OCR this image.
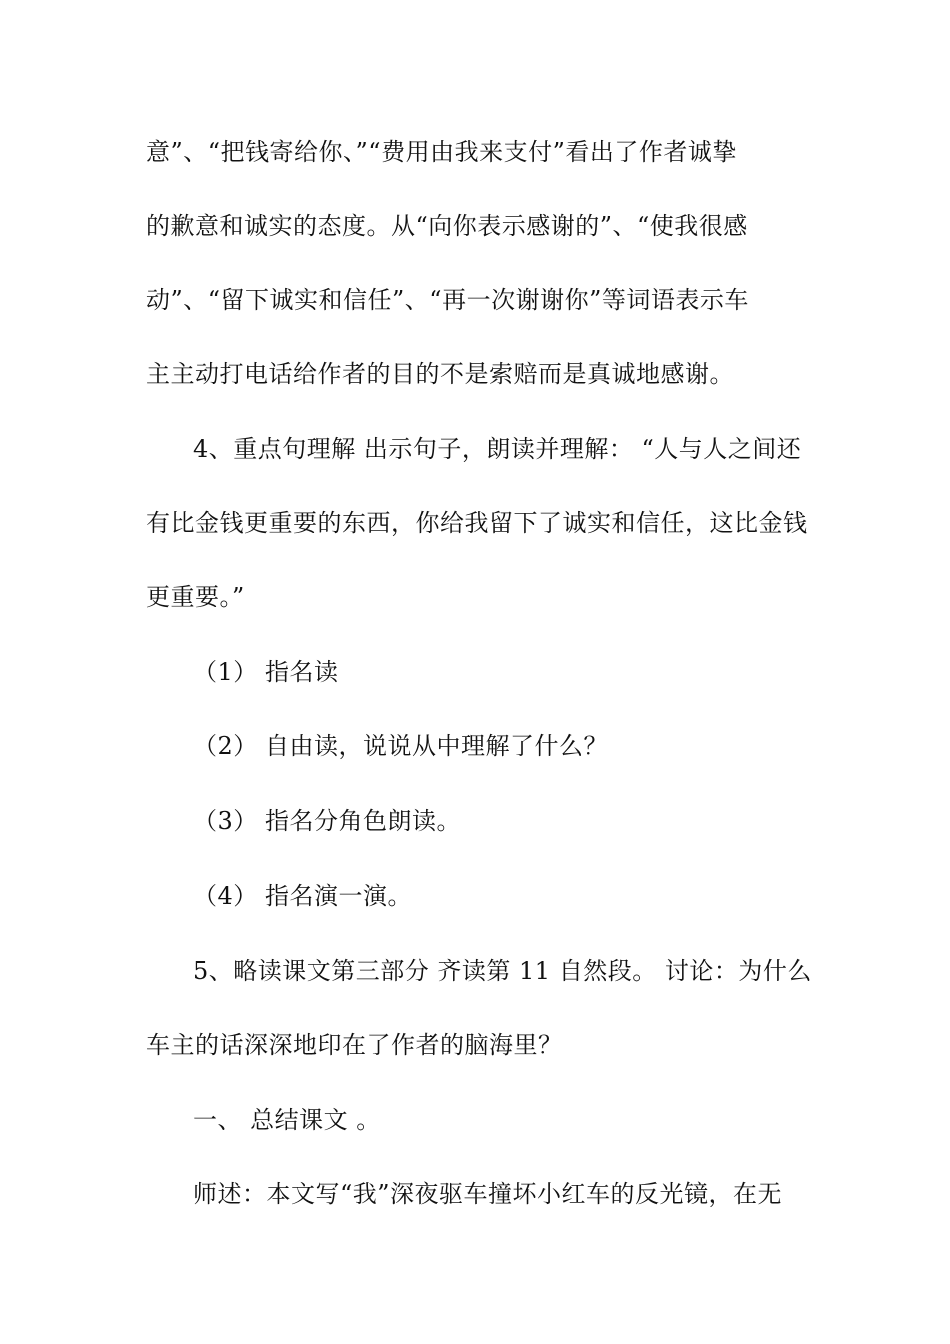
意”、“把钱寄给你、”“费用由我来支付”看出了作者诚挚
的歉意和诚实的态度。从“向你表示感谢的”、“使我很感
动”、“留下诚实和信任”、“再一次谢谢你”等词语表示车
主主动打电话给作者的目的不是索赔而是真诚地感谢。
4、重点句理解 出示句子，朗读并理解： “人与人之间还
有比金钱更重要的东西，你给我留下了诚实和信任，这比金钱
更重要。”
（1） 指名读
（2） 自由读，说说从中理解了什么？
（3） 指名分角色朗读。
（4） 指名演一演。
5、略读课文第三部分 齐读第 11 自然段。 讨论：为什么
车主的话深深地印在了作者的脑海里？
一、 总结课文 。
师述：本文写“我”深夜驱车撞坏小红车的反光镜，在无
